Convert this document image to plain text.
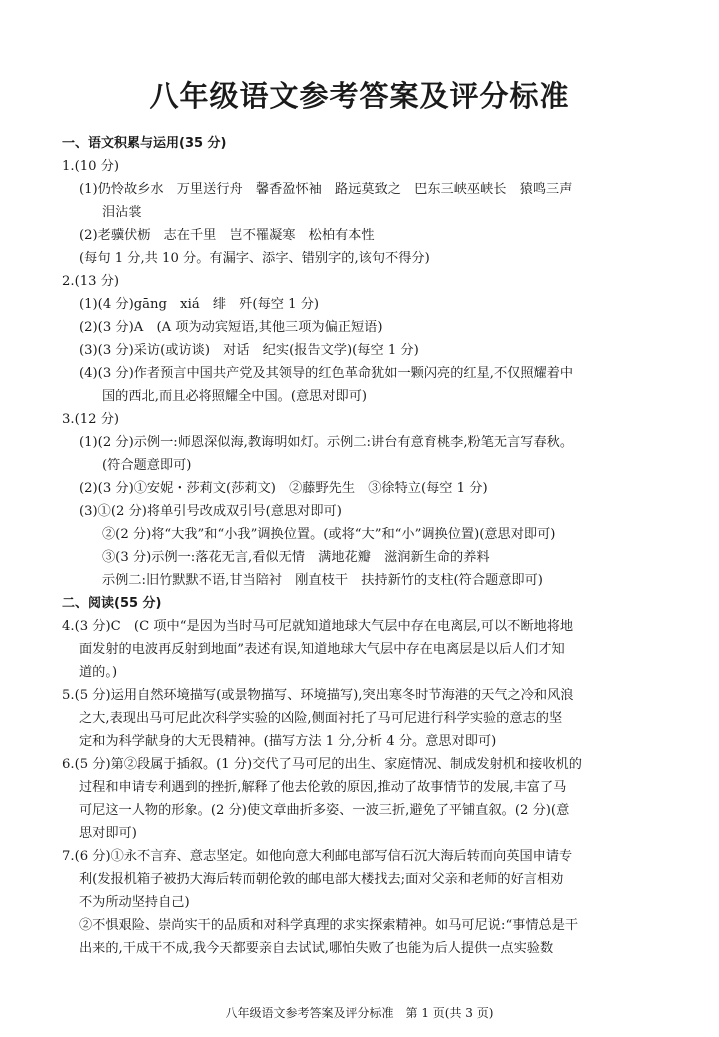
八年级语文参考答案及评分标准
一、语文积累与运用(35 分)
1.(10 分)
(1)仍怜故乡水　万里送行舟　馨香盈怀袖　路远莫致之　巴东三峡巫峡长　猿鸣三声
泪沾裳
(2)老骥伏枥　志在千里　岂不罹凝寒　松柏有本性
(每句 1 分,共 10 分。有漏字、添字、错别字的,该句不得分)
2.(13 分)
(1)(4 分)gāng　xiá　绯　歼(每空 1 分)
(2)(3 分)A　(A 项为动宾短语,其他三项为偏正短语)
(3)(3 分)采访(或访谈)　对话　纪实(报告文学)(每空 1 分)
(4)(3 分)作者预言中国共产党及其领导的红色革命犹如一颗闪亮的红星,不仅照耀着中
国的西北,而且必将照耀全中国。(意思对即可)
3.(12 分)
(1)(2 分)示例一:师恩深似海,教诲明如灯。示例二:讲台有意育桃李,粉笔无言写春秋。
(符合题意即可)
(2)(3 分)①安妮・莎莉文(莎莉文)　②藤野先生　③徐特立(每空 1 分)
(3)①(2 分)将单引号改成双引号(意思对即可)
②(2 分)将“大我”和“小我”调换位置。(或将“大”和“小”调换位置)(意思对即可)
③(3 分)示例一:落花无言,看似无情　满地花瓣　滋润新生命的养料
示例二:旧竹默默不语,甘当陪衬　刚直枝干　扶持新竹的支柱(符合题意即可)
二、阅读(55 分)
4.(3 分)C　(C 项中“是因为当时马可尼就知道地球大气层中存在电离层,可以不断地将地
面发射的电波再反射到地面”表述有误,知道地球大气层中存在电离层是以后人们才知
道的。)
5.(5 分)运用自然环境描写(或景物描写、环境描写),突出寒冬时节海港的天气之冷和风浪
之大,表现出马可尼此次科学实验的凶险,侧面衬托了马可尼进行科学实验的意志的坚
定和为科学献身的大无畏精神。(描写方法 1 分,分析 4 分。意思对即可)
6.(5 分)第②段属于插叙。(1 分)交代了马可尼的出生、家庭情况、制成发射机和接收机的
过程和申请专利遇到的挫折,解释了他去伦敦的原因,推动了故事情节的发展,丰富了马
可尼这一人物的形象。(2 分)使文章曲折多姿、一波三折,避免了平铺直叙。(2 分)(意
思对即可)
7.(6 分)①永不言弃、意志坚定。如他向意大利邮电部写信石沉大海后转而向英国申请专
利(发报机箱子被扔大海后转而朝伦敦的邮电部大楼找去;面对父亲和老师的好言相劝
不为所动坚持自己)
②不惧艰险、崇尚实干的品质和对科学真理的求实探索精神。如马可尼说:“事情总是干
出来的,干成干不成,我今天都要亲自去试试,哪怕失败了也能为后人提供一点实验数
八年级语文参考答案及评分标准　第 1 页(共 3 页)
